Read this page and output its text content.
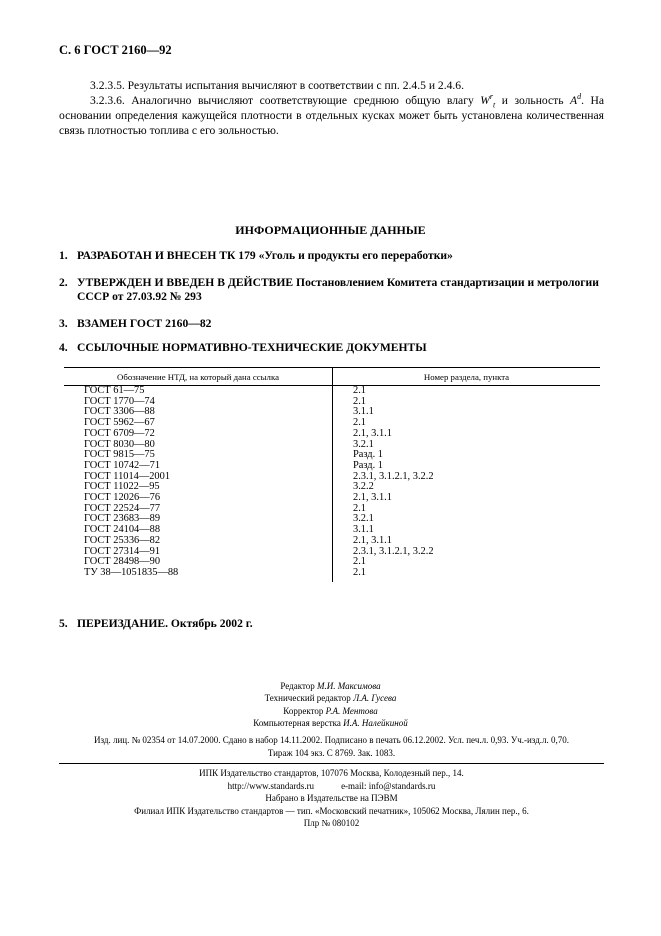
С. 6 ГОСТ 2160—92
3.2.3.5. Результаты испытания вычисляют в соответствии с пп. 2.4.5 и 2.4.6.
3.2.3.6. Аналогично вычисляют соответствующие среднюю общую влагу $W^r_t$ и зольность $A^d$. На основании определения кажущейся плотности в отдельных кусках может быть установлена количественная связь плотностью топлива с его зольностью.
ИНФОРМАЦИОННЫЕ ДАННЫЕ
1. РАЗРАБОТАН И ВНЕСЕН ТК 179 «Уголь и продукты его переработки»
2. УТВЕРЖДЕН И ВВЕДЕН В ДЕЙСТВИЕ Постановлением Комитета стандартизации и метрологии
СССР от 27.03.92 № 293
3. ВЗАМЕН ГОСТ 2160—82
4. ССЫЛОЧНЫЕ НОРМАТИВНО-ТЕХНИЧЕСКИЕ ДОКУМЕНТЫ
Обозначение НТД, на который дана ссылка	Номер раздела, пункта
ГОСТ 61—75	2.1
ГОСТ 1770—74	2.1
ГОСТ 3306—88	3.1.1
ГОСТ 5962—67	2.1
ГОСТ 6709—72	2.1, 3.1.1
ГОСТ 8030—80	3.2.1
ГОСТ 9815—75	Разд. 1
ГОСТ 10742—71	Разд. 1
ГОСТ 11014—2001	2.3.1, 3.1.2.1, 3.2.2
ГОСТ 11022—95	3.2.2
ГОСТ 12026—76	2.1, 3.1.1
ГОСТ 22524—77	2.1
ГОСТ 23683—89	3.2.1
ГОСТ 24104—88	3.1.1
ГОСТ 25336—82	2.1, 3.1.1
ГОСТ 27314—91	2.3.1, 3.1.2.1, 3.2.2
ГОСТ 28498—90	2.1
ТУ 38—1051835—88	2.1
5. ПЕРЕИЗДАНИЕ. Октябрь 2002 г.
Редактор М.И. Максимова
Технический редактор Л.А. Гусева
Корректор Р.А. Ментова
Компьютерная верстка И.А. Налейкиной
Изд. лиц. № 02354 от 14.07.2000. Сдано в набор 14.11.2002. Подписано в печать 06.12.2002. Усл. печ.л. 0,93. Уч.-изд.л. 0,70.
Тираж 104 экз. С 8769. Зак. 1083.
ИПК Издательство стандартов, 107076 Москва, Колодезный пер., 14.
http://www.standards.ru	e-mail: info@standards.ru
Набрано в Издательстве на ПЭВМ
Филиал ИПК Издательство стандартов — тип. «Московский печатник», 105062 Москва, Лялин пер., 6.
Плр № 080102
